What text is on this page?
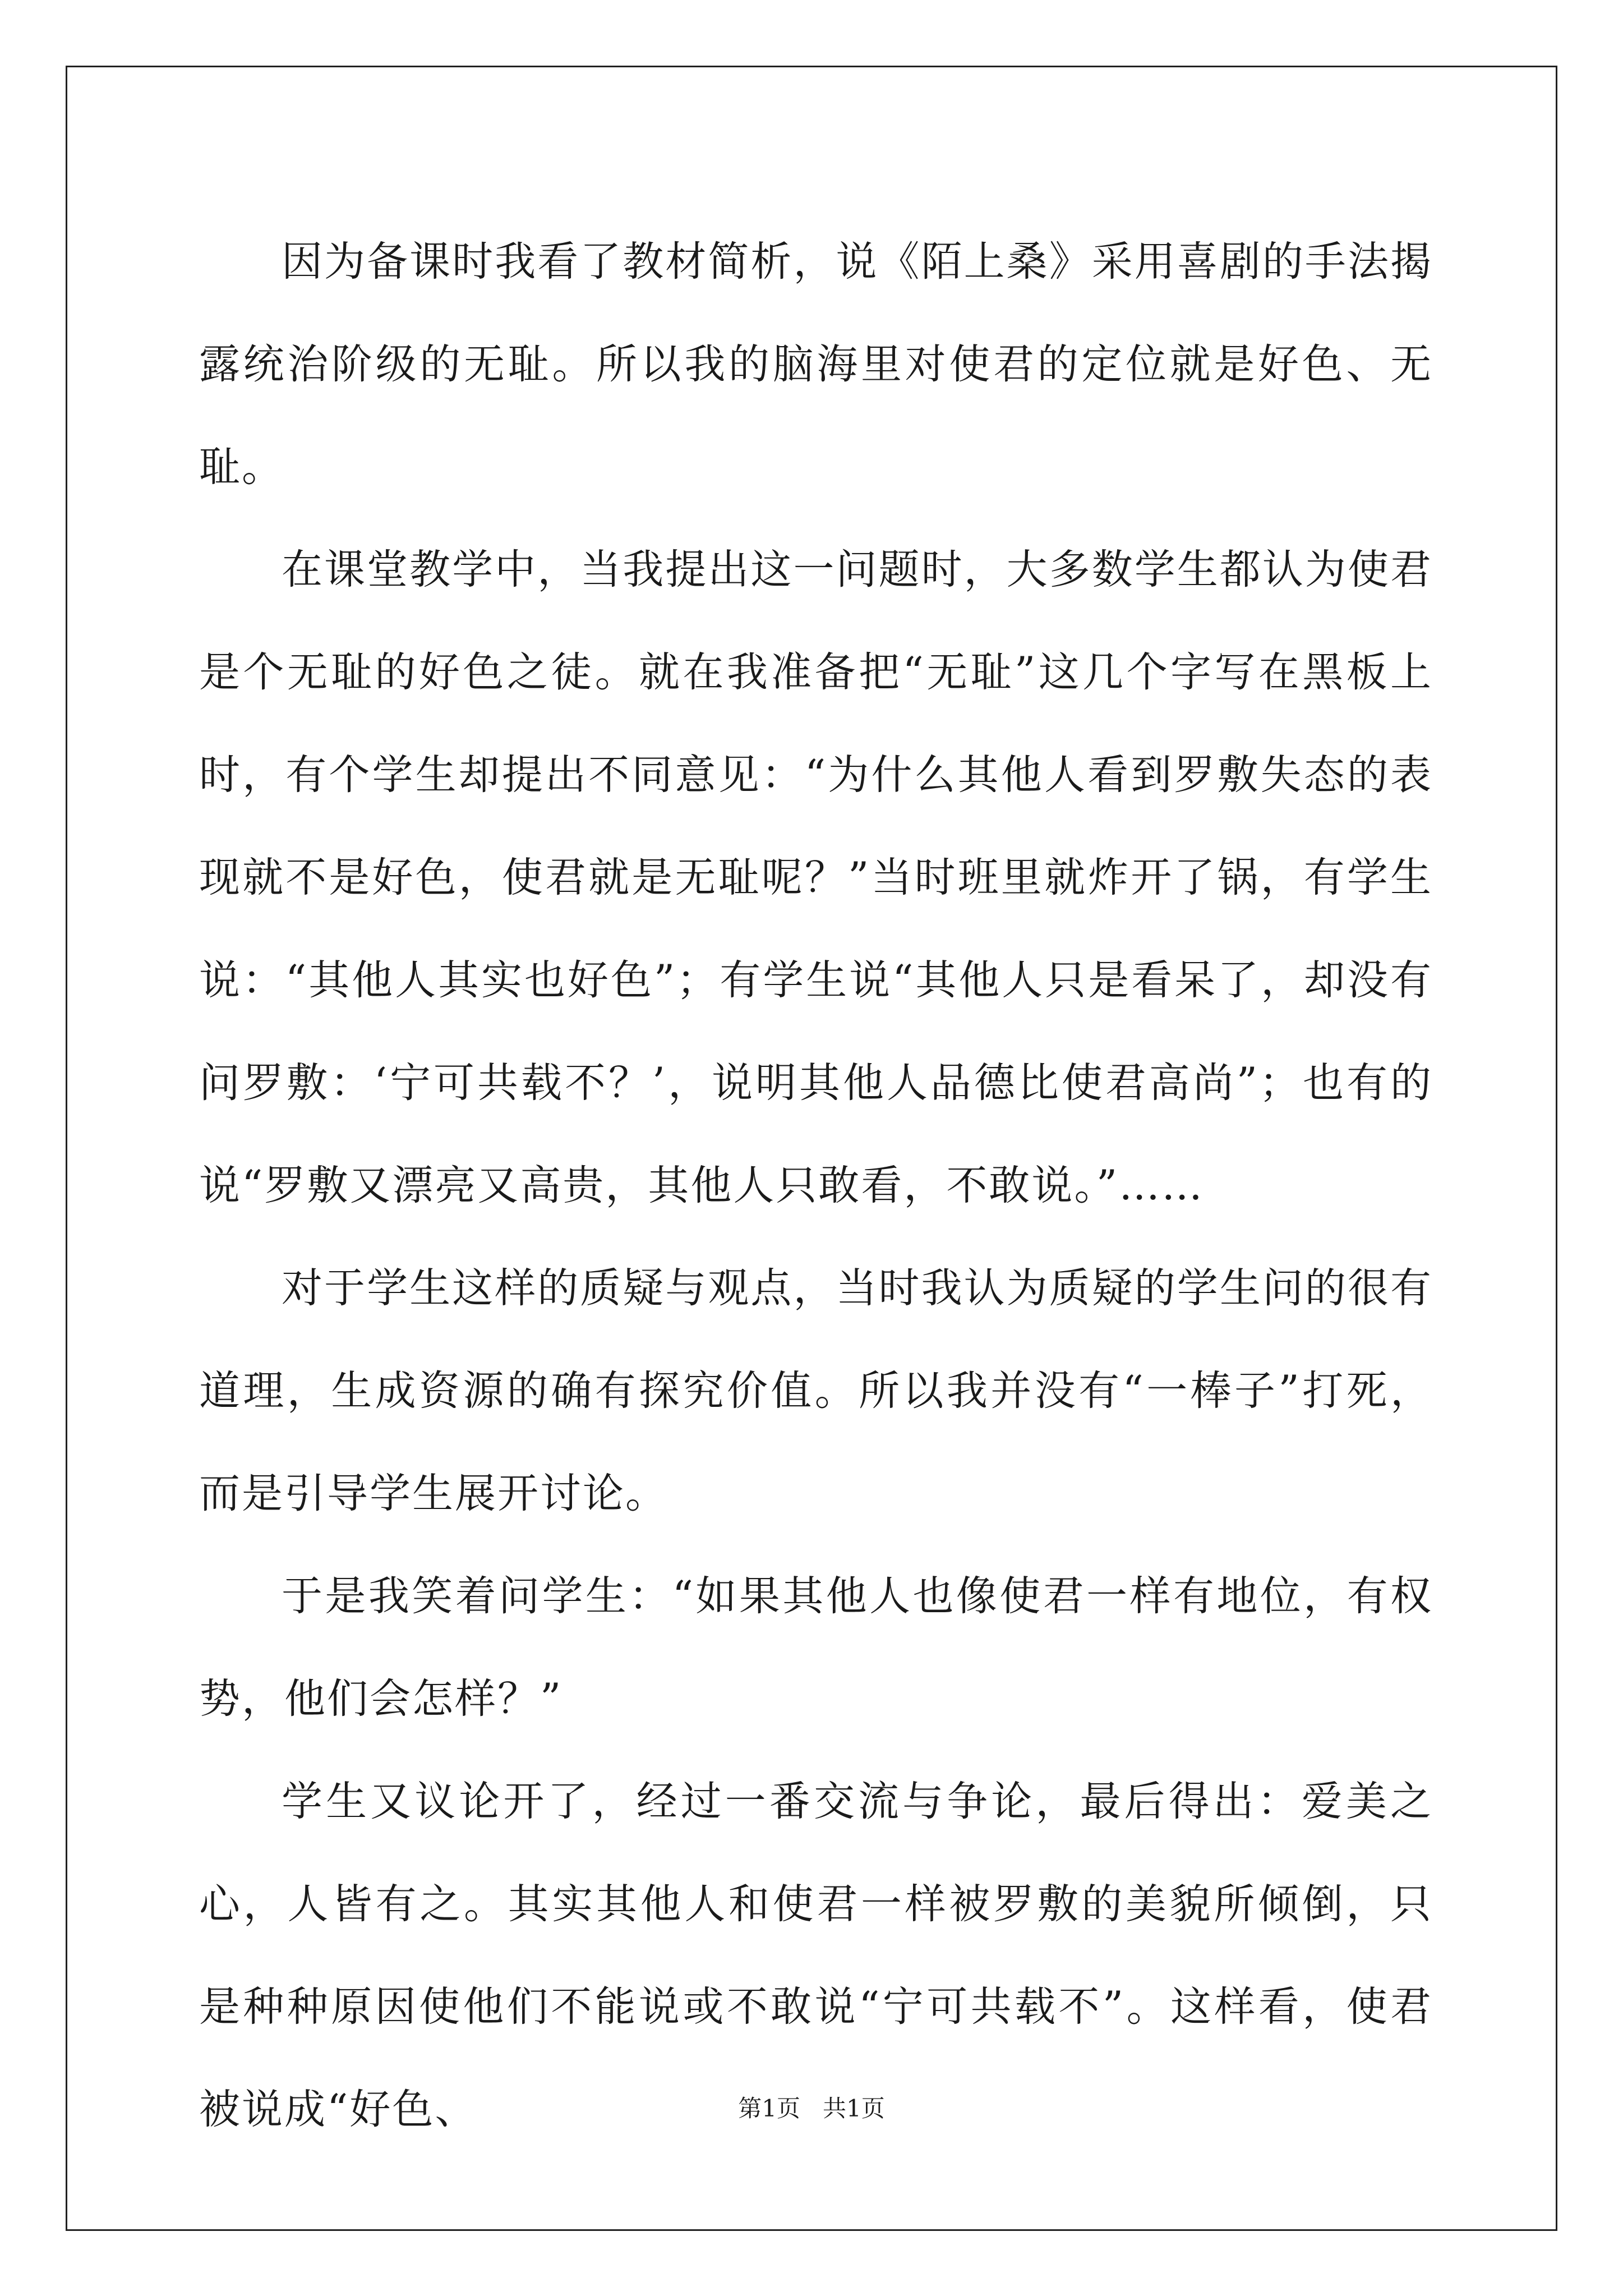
因为备课时我看了教材简析，说《陌上桑》采用喜剧的手法揭露统治阶级的无耻。所以我的脑海里对使君的定位就是好色、无耻。

在课堂教学中，当我提出这一问题时，大多数学生都认为使君是个无耻的好色之徒。就在我准备把“无耻”这几个字写在黑板上时，有个学生却提出不同意见：“为什么其他人看到罗敷失态的表现就不是好色，使君就是无耻呢？”当时班里就炸开了锅，有学生说：“其他人其实也好色”；有学生说“其他人只是看呆了，却没有问罗敷：‘宁可共载不？’，说明其他人品德比使君高尚”；也有的说“罗敷又漂亮又高贵，其他人只敢看，不敢说。”……

对于学生这样的质疑与观点，当时我认为质疑的学生问的很有道理，生成资源的确有探究价值。所以我并没有“一棒子”打死，而是引导学生展开讨论。

于是我笑着问学生：“如果其他人也像使君一样有地位，有权势，他们会怎样？”

学生又议论开了，经过一番交流与争论，最后得出：爱美之心，人皆有之。其实其他人和使君一样被罗敷的美貌所倾倒，只是种种原因使他们不能说或不敢说“宁可共载不”。这样看，使君被说成“好色、	第1页 共1页
